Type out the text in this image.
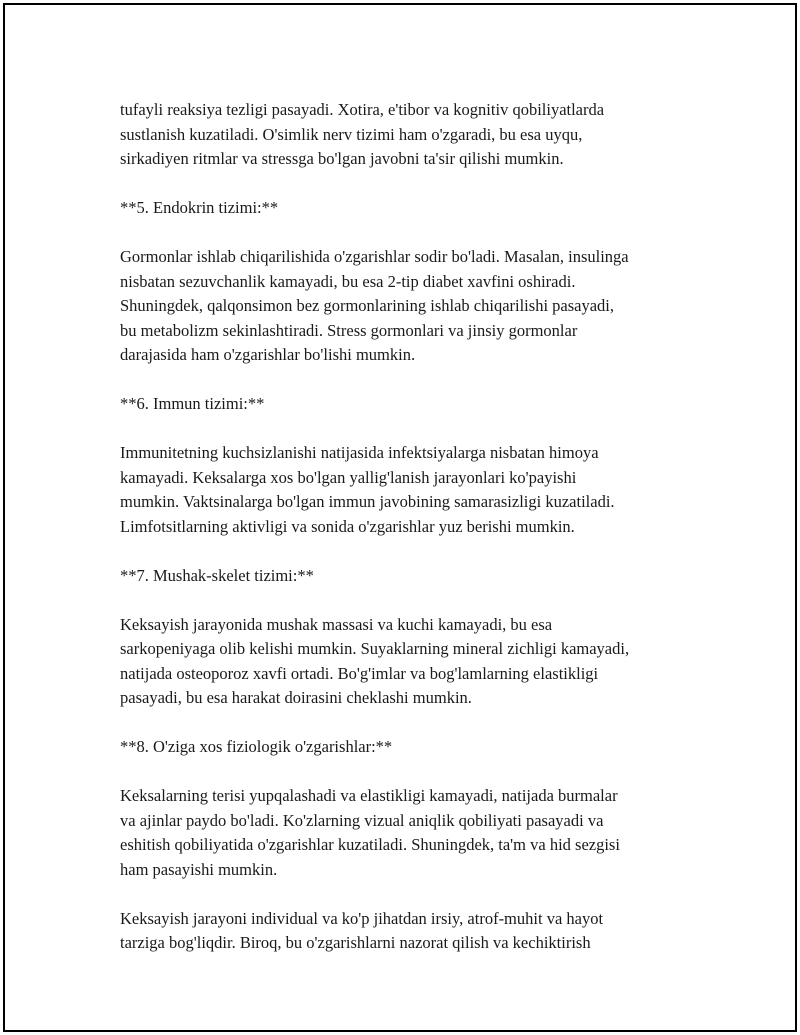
tufayli reaksiya tezligi pasayadi. Xotira, e'tibor va kognitiv qobiliyatlarda
sustlanish kuzatiladi. O'simlik nerv tizimi ham o'zgaradi, bu esa uyqu,
sirkadiyen ritmlar va stressga bo'lgan javobni ta'sir qilishi mumkin.

**5. Endokrin tizimi:**

Gormonlar ishlab chiqarilishida o'zgarishlar sodir bo'ladi. Masalan, insulinga
nisbatan sezuvchanlik kamayadi, bu esa 2-tip diabet xavfini oshiradi.
Shuningdek, qalqonsimon bez gormonlarining ishlab chiqarilishi pasayadi,
bu metabolizm sekinlashtiradi. Stress gormonlari va jinsiy gormonlar
darajasida ham o'zgarishlar bo'lishi mumkin.

**6. Immun tizimi:**

Immunitetning kuchsizlanishi natijasida infektsiyalarga nisbatan himoya
kamayadi. Keksalarga xos bo'lgan yallig'lanish jarayonlari ko'payishi
mumkin. Vaktsinalarga bo'lgan immun javobining samarasizligi kuzatiladi.
Limfotsitlarning aktivligi va sonida o'zgarishlar yuz berishi mumkin.

**7. Mushak-skelet tizimi:**

Keksayish jarayonida mushak massasi va kuchi kamayadi, bu esa
sarkopeniyaga olib kelishi mumkin. Suyaklarning mineral zichligi kamayadi,
natijada osteoporoz xavfi ortadi. Bo'g'imlar va bog'lamlarning elastikligi
pasayadi, bu esa harakat doirasini cheklashi mumkin.

**8. O'ziga xos fiziologik o'zgarishlar:**

Keksalarning terisi yupqalashadi va elastikligi kamayadi, natijada burmalar
va ajinlar paydo bo'ladi. Ko'zlarning vizual aniqlik qobiliyati pasayadi va
eshitish qobiliyatida o'zgarishlar kuzatiladi. Shuningdek, ta'm va hid sezgisi
ham pasayishi mumkin.

Keksayish jarayoni individual va ko'p jihatdan irsiy, atrof-muhit va hayot
tarziga bog'liqdir. Biroq, bu o'zgarishlarni nazorat qilish va kechiktirish
